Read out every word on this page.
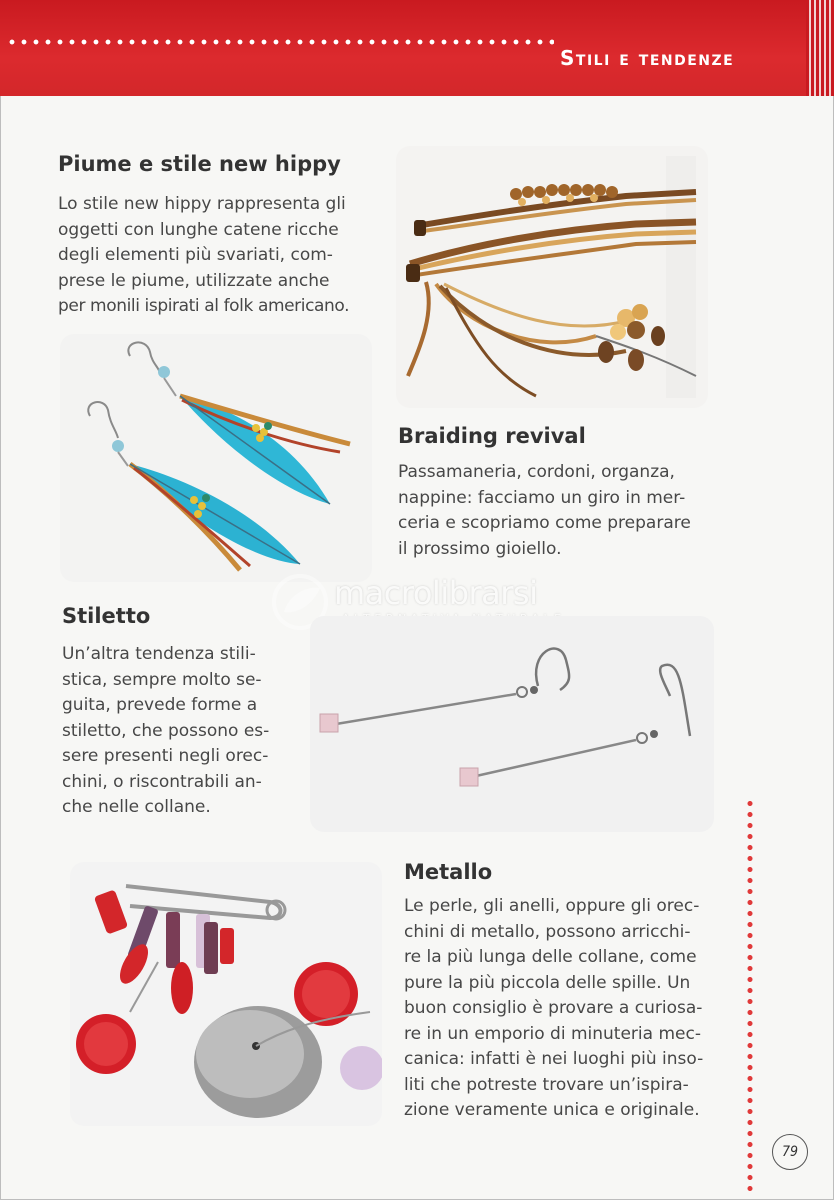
Stili e tendenze
Piume e stile new hippy
Lo stile new hippy rappresenta gli
oggetti con lunghe catene ricche
degli elementi più svariati, com-
prese le piume, utilizzate anche
per monili ispirati al folk americano.
Braiding revival
Passamaneria, cordoni, organza,
nappine: facciamo un giro in mer-
ceria e scopriamo come preparare
il prossimo gioiello.
macrolibrarsi
Stiletto
Un’altra tendenza stili-
stica, sempre molto se-
guita, prevede forme a
stiletto, che possono es-
sere presenti negli orec-
chini, o riscontrabili an-
che nelle collane.
Metallo
Le perle, gli anelli, oppure gli orec-
chini di metallo, possono arricchi-
re la più lunga delle collane, come
pure la più piccola delle spille. Un
buon consiglio è provare a curiosa-
re in un emporio di minuteria mec-
canica: infatti è nei luoghi più inso-
liti che potreste trovare un’ispira-
zione veramente unica e originale.
79
